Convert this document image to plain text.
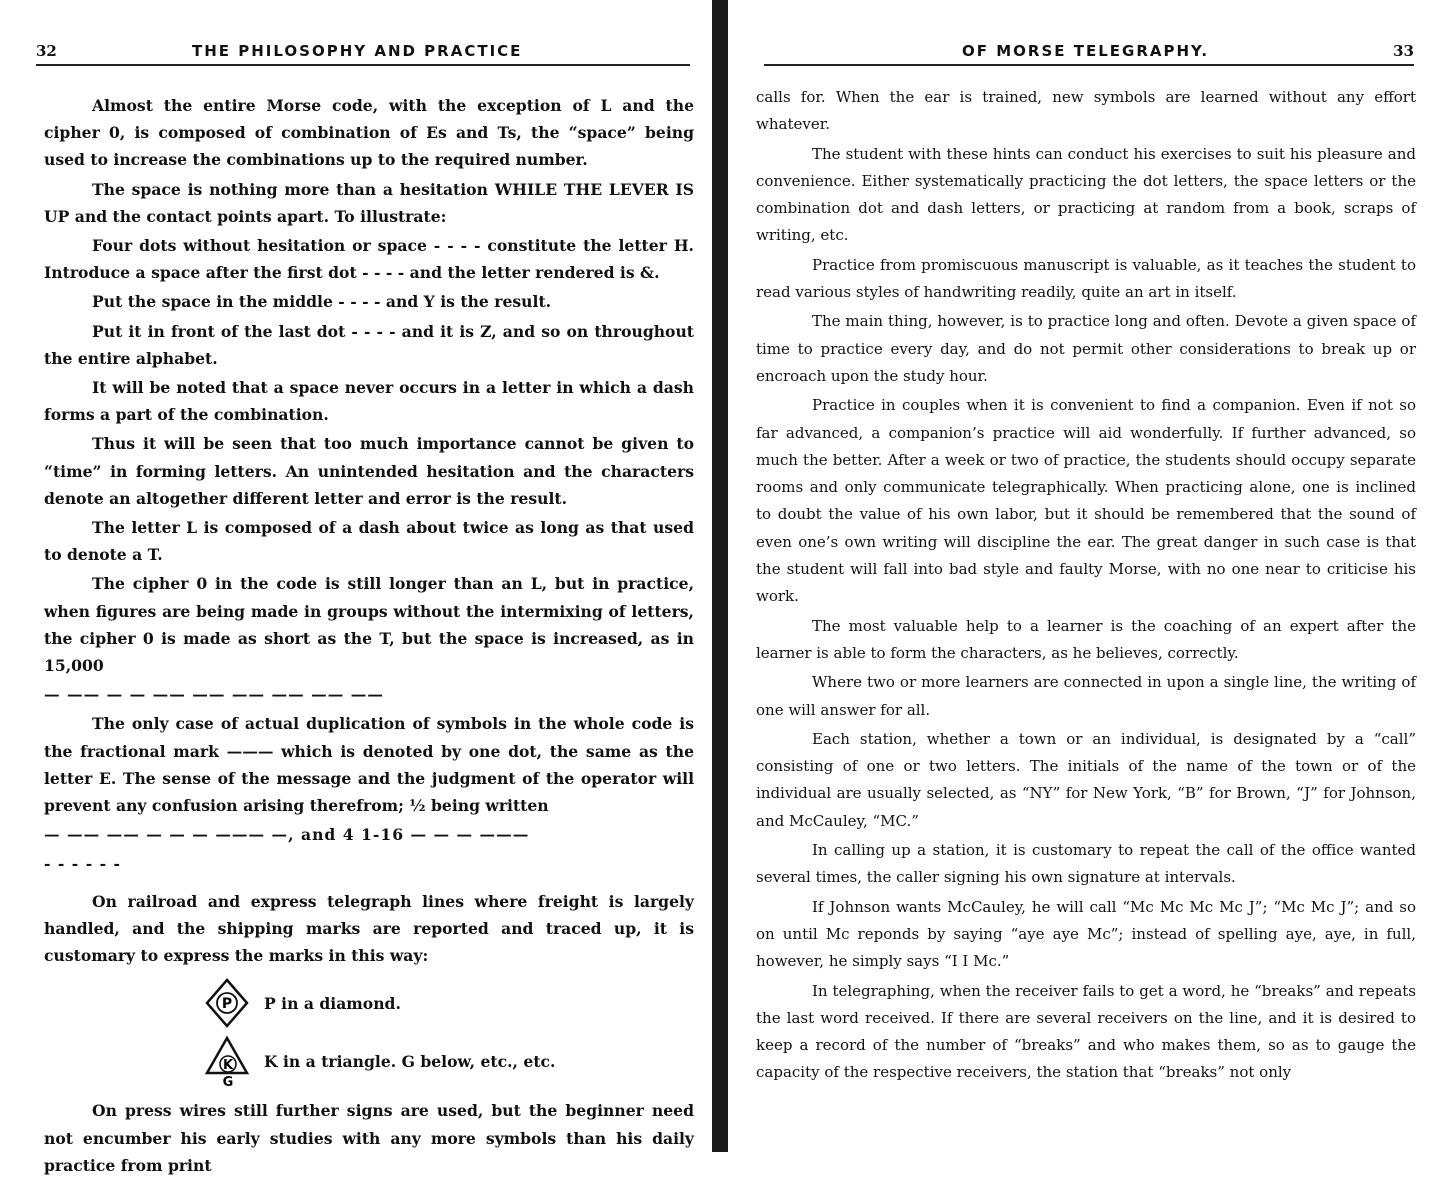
32	THE PHILOSOPHY AND PRACTICE

Almost the entire Morse code, with the exception of L and the cipher 0, is composed of combination of Es and Ts, the “space” being used to increase the combinations up to the required number.

The space is nothing more than a hesitation WHILE THE LEVER IS UP and the contact points apart. To illustrate:

Four dots without hesitation or space - - - - constitute the letter H. Introduce a space after the first dot - - - - and the letter rendered is &.

Put the space in the middle - - - - and Y is the result.

Put it in front of the last dot - - - - and it is Z, and so on throughout the entire alphabet.

It will be noted that a space never occurs in a letter in which a dash forms a part of the combination.

Thus it will be seen that too much importance cannot be given to “time” in forming letters. An unintended hesitation and the characters denote an altogether different letter and error is the result.

The letter L is composed of a dash about twice as long as that used to denote a T.

The cipher 0 in the code is still longer than an L, but in practice, when figures are being made in groups without the intermixing of letters, the cipher 0 is made as short as the T, but the space is increased, as in 15,000

— —— — — —— —— —— —— —— ——

The only case of actual duplication of symbols in the whole code is the fractional mark ——— which is denoted by one dot, the same as the letter E. The sense of the message and the judgment of the operator will prevent any confusion arising therefrom; ½ being written

— —— —— — — — ——— —, and 4 1-16 — — — ———

- - - - - -

On railroad and express telegraph lines where freight is largely handled, and the shipping marks are reported and traced up, it is customary to express the marks in this way:

P P in a diamond.
K
G
K in a triangle. G below, etc., etc.

On press wires still further signs are used, but the beginner need not encumber his early studies with any more symbols than his daily practice from print

OF MORSE TELEGRAPHY.	33

calls for. When the ear is trained, new symbols are learned without any effort whatever.

The student with these hints can conduct his exercises to suit his pleasure and convenience. Either systematically practicing the dot letters, the space letters or the combination dot and dash letters, or practicing at random from a book, scraps of writing, etc.

Practice from promiscuous manuscript is valuable, as it teaches the student to read various styles of handwriting readily, quite an art in itself.

The main thing, however, is to practice long and often. Devote a given space of time to practice every day, and do not permit other considerations to break up or encroach upon the study hour.

Practice in couples when it is convenient to find a companion. Even if not so far advanced, a companion’s practice will aid wonderfully. If further advanced, so much the better. After a week or two of practice, the students should occupy separate rooms and only communicate telegraphically. When practicing alone, one is inclined to doubt the value of his own labor, but it should be remembered that the sound of even one’s own writing will discipline the ear. The great danger in such case is that the student will fall into bad style and faulty Morse, with no one near to criticise his work.

The most valuable help to a learner is the coaching of an expert after the learner is able to form the characters, as he believes, correctly.

Where two or more learners are connected in upon a single line, the writing of one will answer for all.

Each station, whether a town or an individual, is designated by a “call” consisting of one or two letters. The initials of the name of the town or of the individual are usually selected, as “NY” for New York, “B” for Brown, “J” for Johnson, and McCauley, “MC.”

In calling up a station, it is customary to repeat the call of the office wanted several times, the caller signing his own signature at intervals.

If Johnson wants McCauley, he will call “Mc Mc Mc Mc J”; “Mc Mc J”; and so on until Mc reponds by saying “aye aye Mc”; instead of spelling aye, aye, in full, however, he simply says “I I Mc.”

In telegraphing, when the receiver fails to get a word, he “breaks” and repeats the last word received. If there are several receivers on the line, and it is desired to keep a record of the number of “breaks” and who makes them, so as to gauge the capacity of the respective receivers, the station that “breaks” not only
